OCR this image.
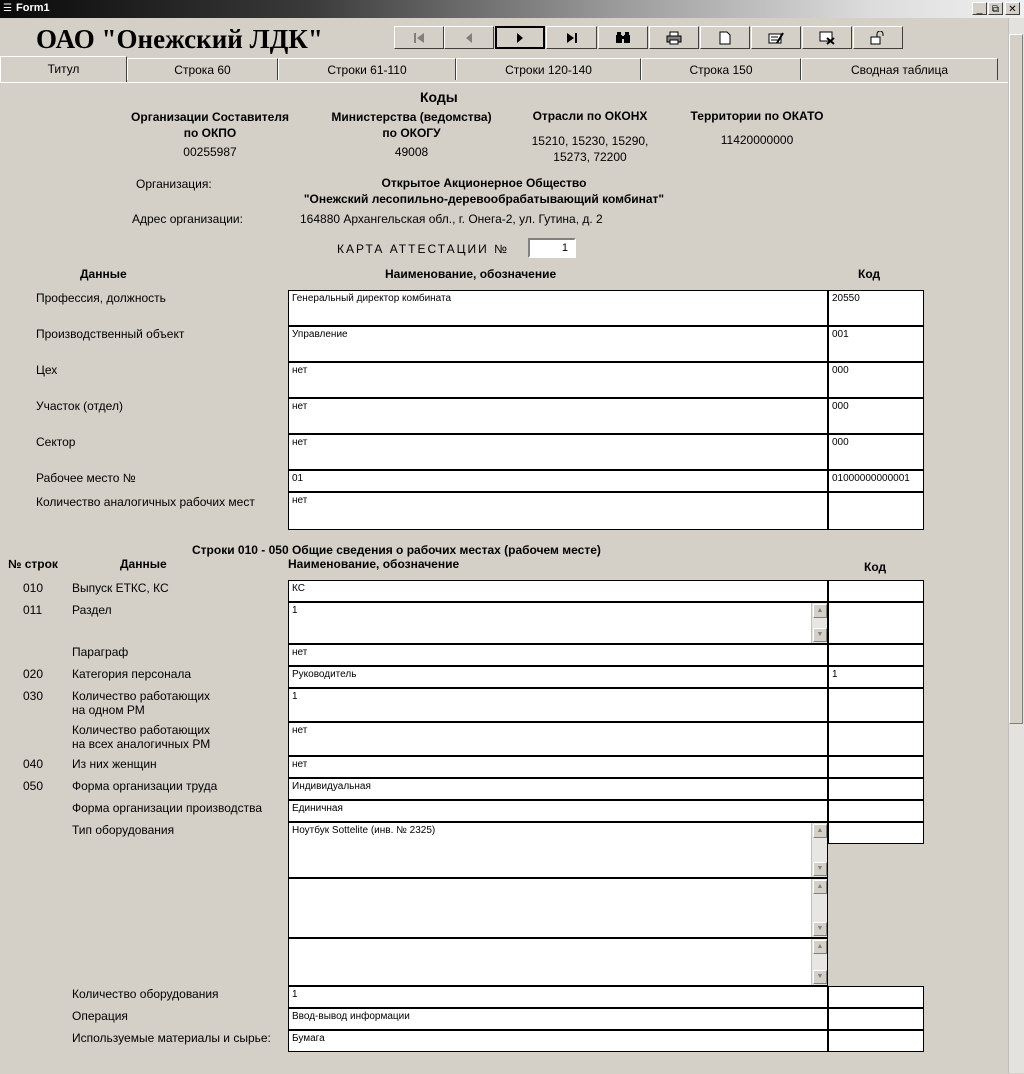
☰ Form1	_ ⧉ ✕
ОАО "Онежский ЛДК"
Титул	Строка 60	Строки 61-110	Строки 120-140	Строка 150	Сводная таблица
Коды
Организации Составителя
по ОКПО
00255987
Министерства (ведомства)
по ОКОГУ
49008
Отрасли по ОКОНХ
15210, 15230, 15290,
15273, 72200
Территории по ОКАТО
11420000000
Организация:	Открытое Акционерное Общество
"Онежский лесопильно-деревообрабатывающий комбинат"
Адрес организации:	164880 Архангельская обл., г. Онега-2, ул. Гутина, д. 2
КАРТА АТТЕСТАЦИИ №	1
Данные	Наименование, обозначение	Код
Профессия, должность	Генеральный директор комбината	20550
Производственный объект	Управление	001
Цех	нет	000
Участок (отдел)	нет	000
Сектор	нет	000
Рабочее место №	01	01000000000001
Количество аналогичных рабочих мест	нет
Строки 010 - 050 Общие сведения о рабочих местах (рабочем месте)
№ строк	Данные	Наименование, обозначение	Код
010 Выпуск ЕТКС, КС	КС
011 Раздел	1	▲
▼
Параграф	нет
020 Категория персонала	Руководитель	1
030 Количество работающих
на одном РМ
1
Количество работающих
на всех аналогичных РМ
нет
040 Из них женщин	нет
050 Форма организации труда	Индивидуальная
Форма организации производства	Единичная
Тип оборудования	Ноутбук Sottelite (инв. № 2325)	▲
▼
▲
▼
▲
▼
Количество оборудования	1
Операция	Ввод-вывод информации
Используемые материалы и сырье:	Бумага
